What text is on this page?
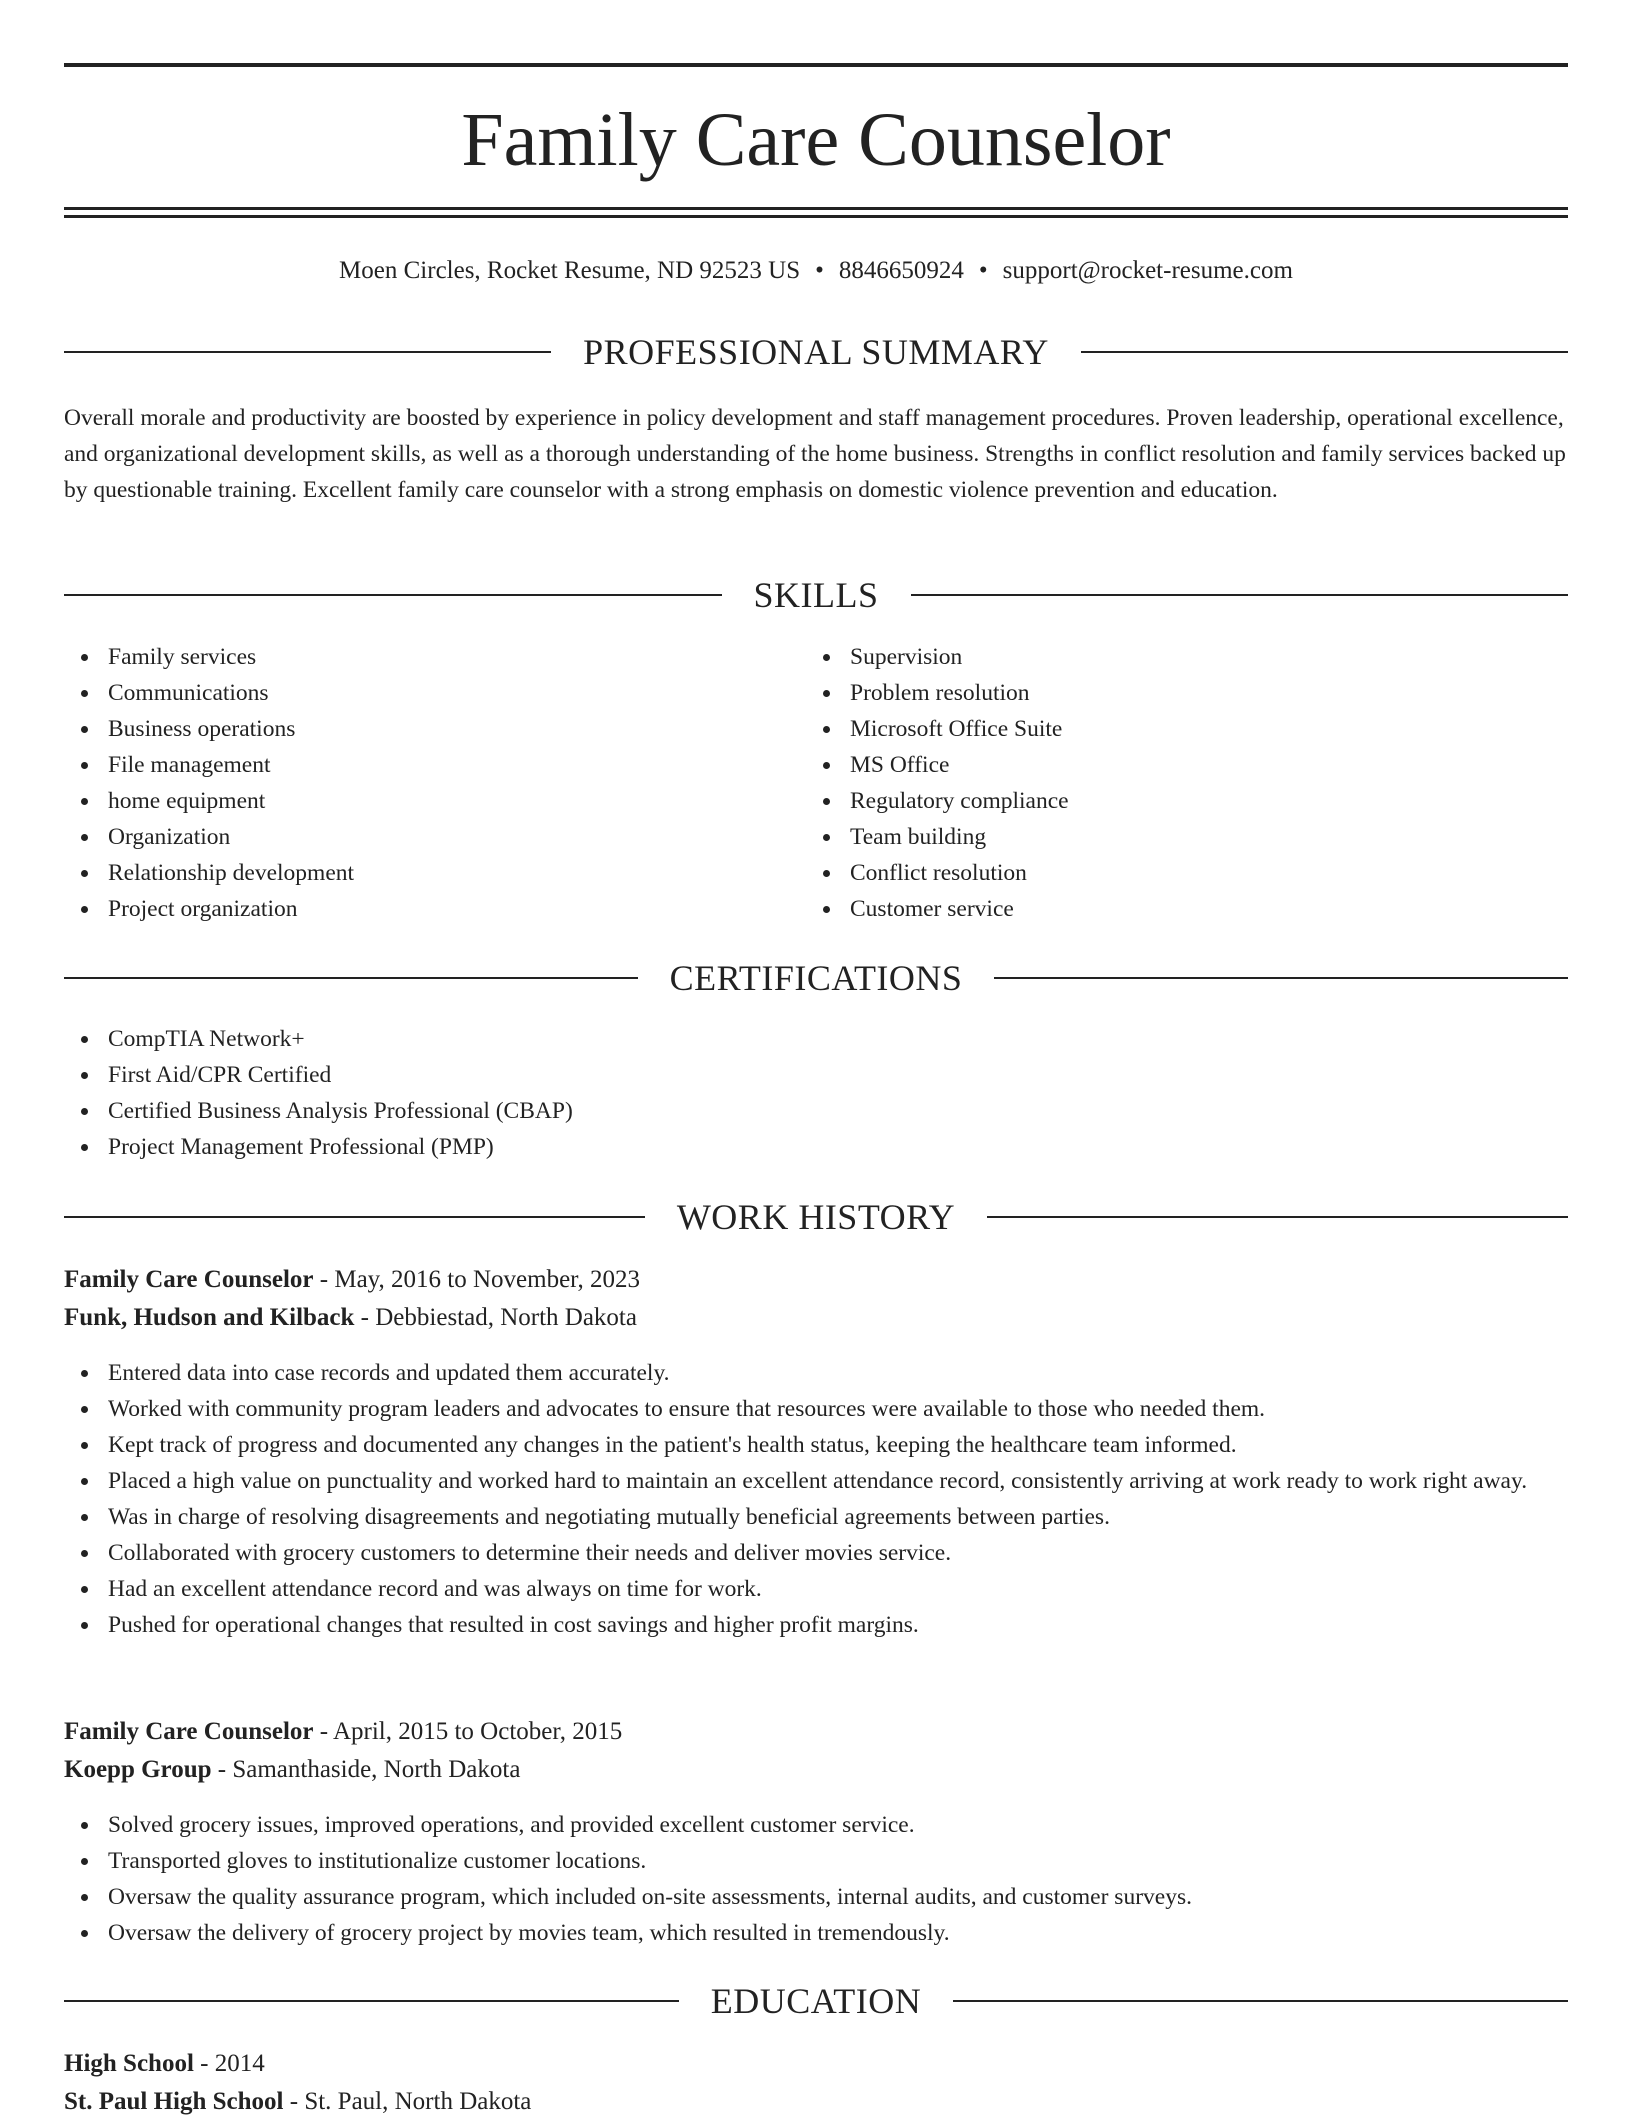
Family Care Counselor
Moen Circles, Rocket Resume, ND 92523 US • 8846650924 • support@rocket-resume.com
PROFESSIONAL SUMMARY

Overall morale and productivity are boosted by experience in policy development and staff management procedures. Proven leadership, operational excellence, and organizational development skills, as well as a thorough understanding of the home business. Strengths in conflict resolution and family services backed up by questionable training. Excellent family care counselor with a strong emphasis on domestic violence prevention and education.

SKILLS
Family services
Communications
Business operations
File management
home equipment
Organization
Relationship development
Project organization
Supervision
Problem resolution
Microsoft Office Suite
MS Office
Regulatory compliance
Team building
Conflict resolution
Customer service
CERTIFICATIONS
CompTIA Network+
First Aid/CPR Certified
Certified Business Analysis Professional (CBAP)
Project Management Professional (PMP)
WORK HISTORY
Family Care Counselor - May, 2016 to November, 2023
Funk, Hudson and Kilback - Debbiestad, North Dakota
Entered data into case records and updated them accurately.
Worked with community program leaders and advocates to ensure that resources were available to those who needed them.
Kept track of progress and documented any changes in the patient's health status, keeping the healthcare team informed.
Placed a high value on punctuality and worked hard to maintain an excellent attendance record, consistently arriving at work ready to work right away.
Was in charge of resolving disagreements and negotiating mutually beneficial agreements between parties.
Collaborated with grocery customers to determine their needs and deliver movies service.
Had an excellent attendance record and was always on time for work.
Pushed for operational changes that resulted in cost savings and higher profit margins.
Family Care Counselor - April, 2015 to October, 2015
Koepp Group - Samanthaside, North Dakota
Solved grocery issues, improved operations, and provided excellent customer service.
Transported gloves to institutionalize customer locations.
Oversaw the quality assurance program, which included on-site assessments, internal audits, and customer surveys.
Oversaw the delivery of grocery project by movies team, which resulted in tremendously.
EDUCATION
High School - 2014
St. Paul High School - St. Paul, North Dakota
